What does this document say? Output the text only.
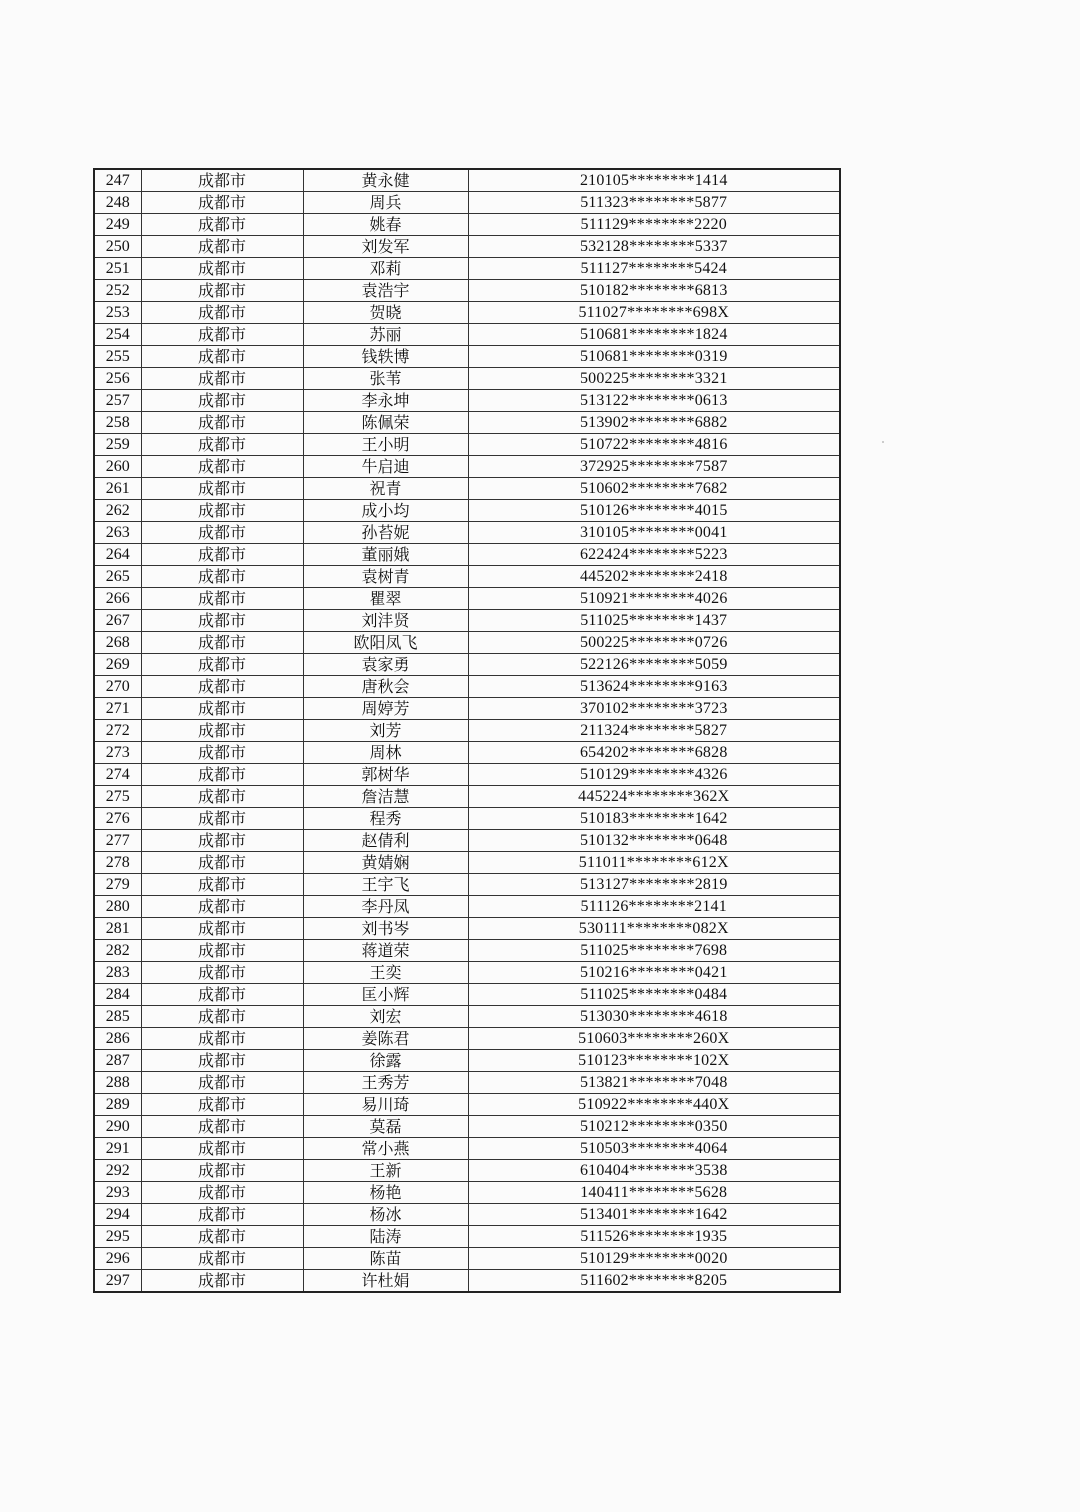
247	成都市	黄永健	210105********1414
248	成都市	周兵	511323********5877
249	成都市	姚春	511129********2220
250	成都市	刘发军	532128********5337
251	成都市	邓莉	511127********5424
252	成都市	袁浩宇	510182********6813
253	成都市	贺晓	511027********698X
254	成都市	苏丽	510681********1824
255	成都市	钱轶博	510681********0319
256	成都市	张苇	500225********3321
257	成都市	李永坤	513122********0613
258	成都市	陈佩荣	513902********6882
259	成都市	王小明	510722********4816
260	成都市	牛启迪	372925********7587
261	成都市	祝青	510602********7682
262	成都市	成小均	510126********4015
263	成都市	孙苔妮	310105********0041
264	成都市	董丽娥	622424********5223
265	成都市	袁树青	445202********2418
266	成都市	瞿翠	510921********4026
267	成都市	刘沣贤	511025********1437
268	成都市	欧阳凤飞	500225********0726
269	成都市	袁家勇	522126********5059
270	成都市	唐秋会	513624********9163
271	成都市	周婷芳	370102********3723
272	成都市	刘芳	211324********5827
273	成都市	周林	654202********6828
274	成都市	郭树华	510129********4326
275	成都市	詹洁慧	445224********362X
276	成都市	程秀	510183********1642
277	成都市	赵倩利	510132********0648
278	成都市	黄婧娴	511011********612X
279	成都市	王宇飞	513127********2819
280	成都市	李丹凤	511126********2141
281	成都市	刘书岑	530111********082X
282	成都市	蒋道荣	511025********7698
283	成都市	王奕	510216********0421
284	成都市	匡小辉	511025********0484
285	成都市	刘宏	513030********4618
286	成都市	姜陈君	510603********260X
287	成都市	徐露	510123********102X
288	成都市	王秀芳	513821********7048
289	成都市	易川琦	510922********440X
290	成都市	莫磊	510212********0350
291	成都市	常小燕	510503********4064
292	成都市	王新	610404********3538
293	成都市	杨艳	140411********5628
294	成都市	杨冰	513401********1642
295	成都市	陆涛	511526********1935
296	成都市	陈苗	510129********0020
297	成都市	许杜娟	511602********8205
